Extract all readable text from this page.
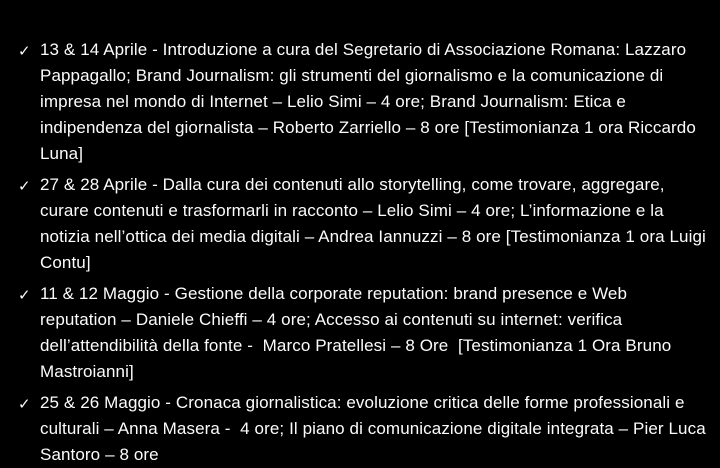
✓ 13 & 14 Aprile - Introduzione a cura del Segretario di Associazione Romana: Lazzaro Pappagallo; Brand Journalism: gli strumenti del giornalismo e la comunicazione di impresa nel mondo di Internet – Lelio Simi – 4 ore; Brand Journalism: Etica e indipendenza del giornalista – Roberto Zarriello – 8 ore [Testimonianza 1 ora Riccardo Luna]
✓ 27 & 28 Aprile - Dalla cura dei contenuti allo storytelling, come trovare, aggregare, curare contenuti e trasformarli in racconto – Lelio Simi – 4 ore; L’informazione e la notizia nell’ottica dei media digitali – Andrea Iannuzzi – 8 ore [Testimonianza 1 ora Luigi Contu]
✓ 11 & 12 Maggio - Gestione della corporate reputation: brand presence e Web reputation – Daniele Chieffi – 4 ore; Accesso ai contenuti su internet: verifica dell’attendibilità della fonte -  Marco Pratellesi – 8 Ore  [Testimonianza 1 Ora Bruno Mastroianni]
✓ 25 & 26 Maggio - Cronaca giornalistica: evoluzione critica delle forme professionali e culturali – Anna Masera -  4 ore; Il piano di comunicazione digitale integrata – Pier Luca Santoro – 8 ore
